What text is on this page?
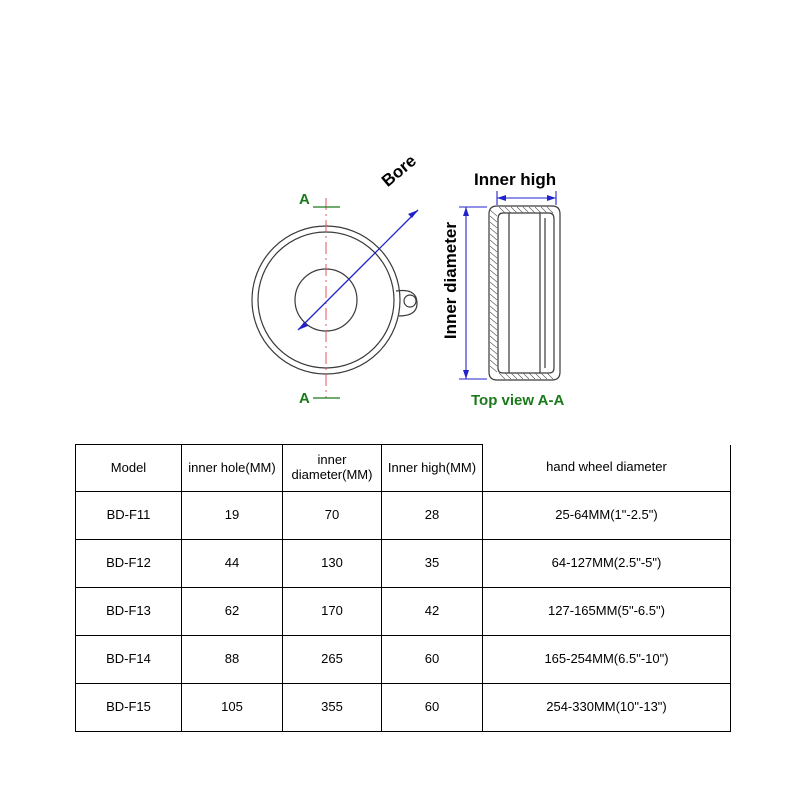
A
A
Bore	Inner high
Inner diameter
Top view A-A
Model	inner hole(MM)	inner diameter(MM)	Inner high(MM)	hand wheel diameter
BD-F11	19	70	28	25-64MM(1"-2.5")
BD-F12	44	130	35	64-127MM(2.5"-5")
BD-F13	62	170	42	127-165MM(5"-6.5")
BD-F14	88	265	60	165-254MM(6.5"-10")
BD-F15	105	355	60	254-330MM(10"-13")
